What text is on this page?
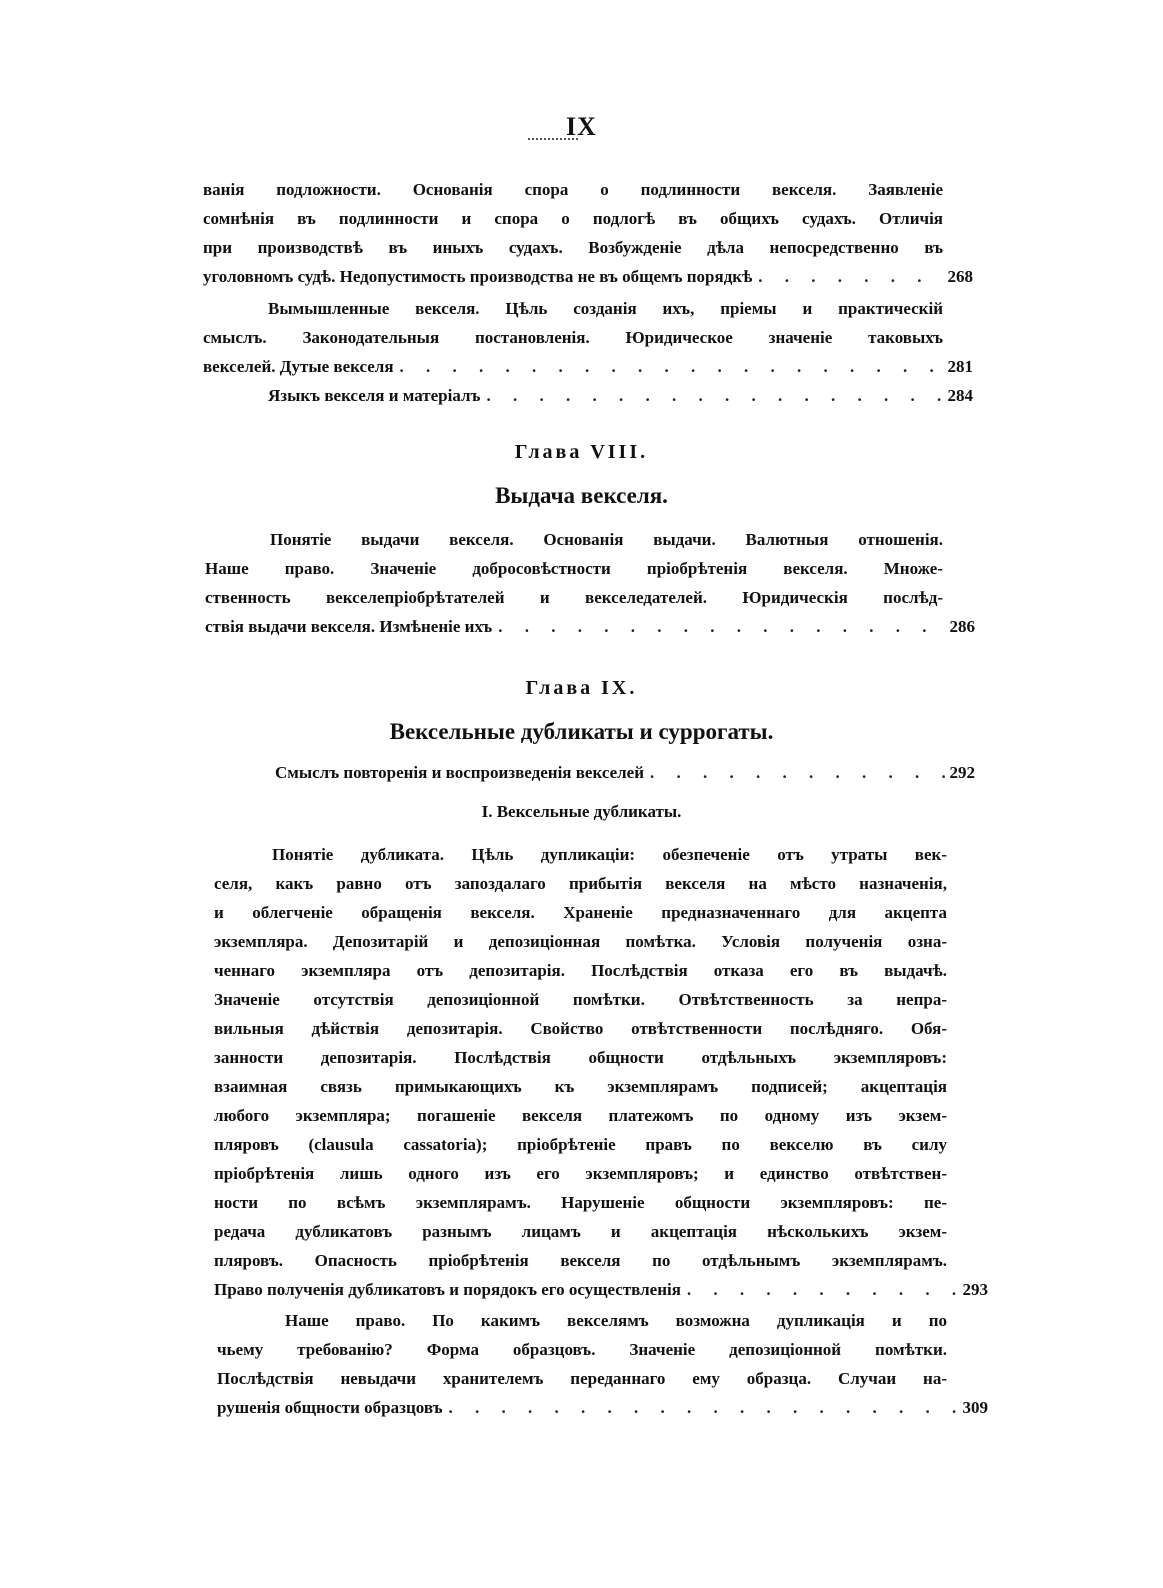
IX
ванія подложности. Основанія спора о подлинности векселя. Заявленіе
сомнѣнія въ подлинности и спора о подлогѣ въ общихъ судахъ. Отличія
при производствѣ въ иныхъ судахъ. Возбужденіе дѣла непосредственно въ
уголовномъ судѣ. Недопустимость производства не въ общемъ порядкѣ . . .	268
Вымышленные векселя. Цѣль созданія ихъ, пріемы и практическій
смыслъ. Законодательныя постановленія. Юридическое значеніе таковыхъ
векселей. Дутые векселя . . .	281
Языкъ векселя и матеріалъ . . .	284
Глава VIII.
Выдача векселя.
Понятіе выдачи векселя. Основанія выдачи. Валютныя отношенія.
Наше право. Значеніе добросовѣстности пріобрѣтенія векселя. Множе-
ственность векселепріобрѣтателей и векселедателей. Юридическія послѣд-
ствія выдачи векселя. Измѣненіе ихъ . . .	286
Глава IX.
Вексельные дубликаты и суррогаты.
Смыслъ повторенія и воспроизведенія векселей . . .	292
I. Вексельные дубликаты.
Понятіе дубликата. Цѣль дупликаціи: обезпеченіе отъ утраты век-
селя, какъ равно отъ запоздалаго прибытія векселя на мѣсто назначенія,
и облегченіе обращенія векселя. Храненіе предназначеннаго для акцепта
экземпляра. Депозитарій и депозиціонная помѣтка. Условія полученія озна-
ченнаго экземпляра отъ депозитарія. Послѣдствія отказа его въ выдачѣ.
Значеніе отсутствія депозиціонной помѣтки. Отвѣтственность за непра-
вильныя дѣйствія депозитарія. Свойство отвѣтственности послѣдняго. Обя-
занности депозитарія. Послѣдствія общности отдѣльныхъ экземпляровъ:
взаимная связь примыкающихъ къ экземплярамъ подписей; акцептація
любого экземпляра; погашеніе векселя платежомъ по одному изъ экзем-
пляровъ (clausula cassatoria); пріобрѣтеніе правъ по векселю въ силу
пріобрѣтенія лишь одного изъ его экземпляровъ; и единство отвѣтствен-
ности по всѣмъ экземплярамъ. Нарушеніе общности экземпляровъ: пе-
редача дубликатовъ разнымъ лицамъ и акцептація нѣсколькихъ экзем-
пляровъ. Опасность пріобрѣтенія векселя по отдѣльнымъ экземплярамъ.
Право полученія дубликатовъ и порядокъ его осуществленія . . .	293
Наше право. По какимъ векселямъ возможна дупликація и по
чьему требованію? Форма образцовъ. Значеніе депозиціонной помѣтки.
Послѣдствія невыдачи хранителемъ переданнаго ему образца. Случаи на-
рушенія общности образцовъ . . .	309
